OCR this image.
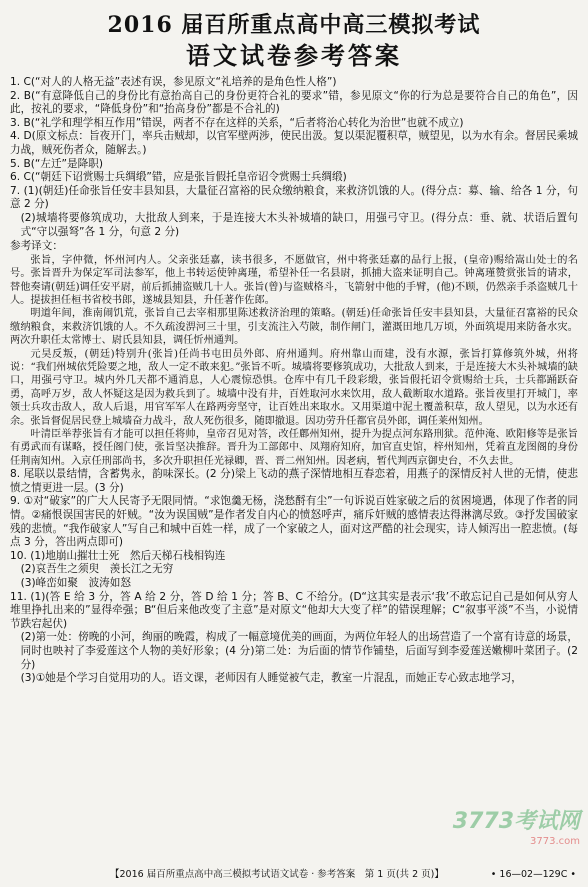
2016 届百所重点高中高三模拟考试
语文试卷参考答案

1. C(“对人的人格无益”表述有误，参见原文“礼培养的是角色性人格”)

2. B(“有意降低自己的身份比有意抬高自己的身份更符合礼的要求”错，参见原文“你的行为总是要符合自己的角色”，因此，按礼的要求，“降低身份”和“抬高身份”都是不合礼的)

3. B(“礼学和理学相互作用”错误，两者不存在这样的关系，“后者将治心转化为治世”也就不成立)

4. D(原文标点：旨夜开门，率兵击贼却，以官军壁两涉，使民出汲。复以渠泥覆积草，贼望见，以为水有余。督居民乘城力战，贼死伤者众，随解去。)

5. B(“左迁”是降职)

6. C(“朝廷下诏赏赐士兵绸缎”错，应是张旨假托皇帝诏令赏赐士兵绸缎)

7. (1)(朝廷)任命张旨任安丰县知县，大量征召富裕的民众缴纳粮食，来救济饥饿的人。(得分点：募、输、给各 1 分，句意 2 分)

(2)城墙将要修筑成功，大批敌人到来，于是连接大木头补城墙的缺口，用强弓守卫。(得分点：垂、就、状语后置句式“守以强弩”各 1 分，句意 2 分)

参考译文：

张旨，字仲微，怀州河内人。父亲张廷嘉，读书很多，不愿做官，州中将张廷嘉的品行上报，(皇帝)赐给嵩山处士的名号。张旨晋升为保定军司法参军，他上书转运使钟离瑾，希望补任一名县尉，抓捕大盗来证明自己。钟离瑾赞赏张旨的请求，替他奏请(朝廷)调任安平尉，前后抓捕盗贼几十人。张旨(曾)与盗贼格斗，飞箭射中他的手臂，(他)不顾，仍然亲手杀盗贼几十人。提拔担任桓书省校书郎，遂城县知县，升任著作佐郎。

明道年间，淮南闹饥荒，张旨自己去宰相那里陈述救济治理的策略。(朝廷)任命张旨任安丰县知县，大量征召富裕的民众缴纳粮食，来救济饥饿的人。不久疏浚淠河三十里，引支流注入芍陂，制作闸门，灌溉田地几万顷，外面筑堤用来防备水灾。两次升职任太常博士、尉氏县知县，调任忻州通判。

元昊反叛，(朝廷)特别升(张旨)任尚书屯田员外郎、府州通判。府州靠山而建，没有水源，张旨打算修筑外城，州将说：“我们州城依凭险要之地，敌人一定不敢来犯。”张旨不听。城墙将要修筑成功，大批敌人到来，于是连接大木头补城墙的缺口，用强弓守卫。城内外几天都不通消息，人心震惊恐惧。仓库中有几千段彩缎，张旨假托诏令赏赐给士兵，士兵都踊跃奋勇，高呼万岁，敌人怀疑这是因为救兵到了。城墙中没有井，百姓取河水来饮用，敌人截断取水道路。张旨夜里打开城门，率领士兵攻击敌人，敌人后退，用官军军人在路两旁坚守，让百姓出来取水。又用渠道中泥土覆盖积草，敌人望见，以为水还有余。张旨督促居民登上城墙奋力战斗，敌人死伤很多，随即撤退。因功劳升任都官员外郎，调任莱州知州。

叶清臣举荐张旨有才能可以担任将帅，皇帝召见对答，改任鄜州知州，提升为提点河东路刑狱。范仲淹、欧阳修等是张旨有勇武而有谋略，授任阁门使，张旨坚决推辞。晋升为工部郎中、凤翔府知府，加官直史馆，梓州知州，凭着直龙图阁的身份任荆南知州。入京任刑部尚书，多次升职担任光禄卿，晋、晋二州知州。因老病，暂代判西京御史台，不久去世。

8. 尾联以景结情，含蓄隽永，韵味深长。(2 分)梁上飞动的燕子深情地相互春恋着，用燕子的深情反衬人世的无情，使悲愤之情更进一层。(3 分)

9. ①对“破家”的广大人民寄予无限同情。“求饱羹无杨，浇愁酹有尘”一句诉说百姓家破之后的贫困境遇，体现了作者的同情。②痛恨误国害民的奸贼。“汝为误国贼”是作者发自内心的愤怒呼声，痛斥奸贼的感情表达得淋漓尽致。③抒发国破家残的悲愤。“我作破家人”写自己和城中百姓一样，成了一个家破之人，面对这严酷的社会现实，诗人倾泻出一腔悲愤。(每点 3 分，答出两点即可)

10. (1)地崩山摧壮士死　然后天梯石栈相钩连

(2)哀吾生之须臾　羡长江之无穷

(3)峰峦如聚　波涛如怒

11. (1)(答 E 给 3 分，答 A 给 2 分，答 D 给 1 分；答 B、C 不给分。(D“这其实是表示‘我’不敢忘记自己是如何从穷人堆里挣扎出来的”显得牵强；B“但后来他改变了主意”是对原文“他却大大变了样”的错误理解；C“叙事平淡”不当，小说情节跌宕起伏)

(2)第一处：傍晚的小河，绚丽的晚霞，构成了一幅意境优美的画面，为两位年轻人的出场营造了一个富有诗意的场景，同时也映衬了李爱莲这个人物的美好形象；(4 分)第二处：为后面的情节作铺垫，后面写到李爱莲送嫩柳叶菜团子。(2 分)

(3)①她是个学习自觉用功的人。语文课，老师因有人睡觉被气走，教室一片混乱，而她正专心致志地学习，

3773考试网
3773.com
【2016 届百所重点高中高三模拟考试语文试卷 · 参考答案　第 1 页(共 2 页)】	• 16—02—129C •
